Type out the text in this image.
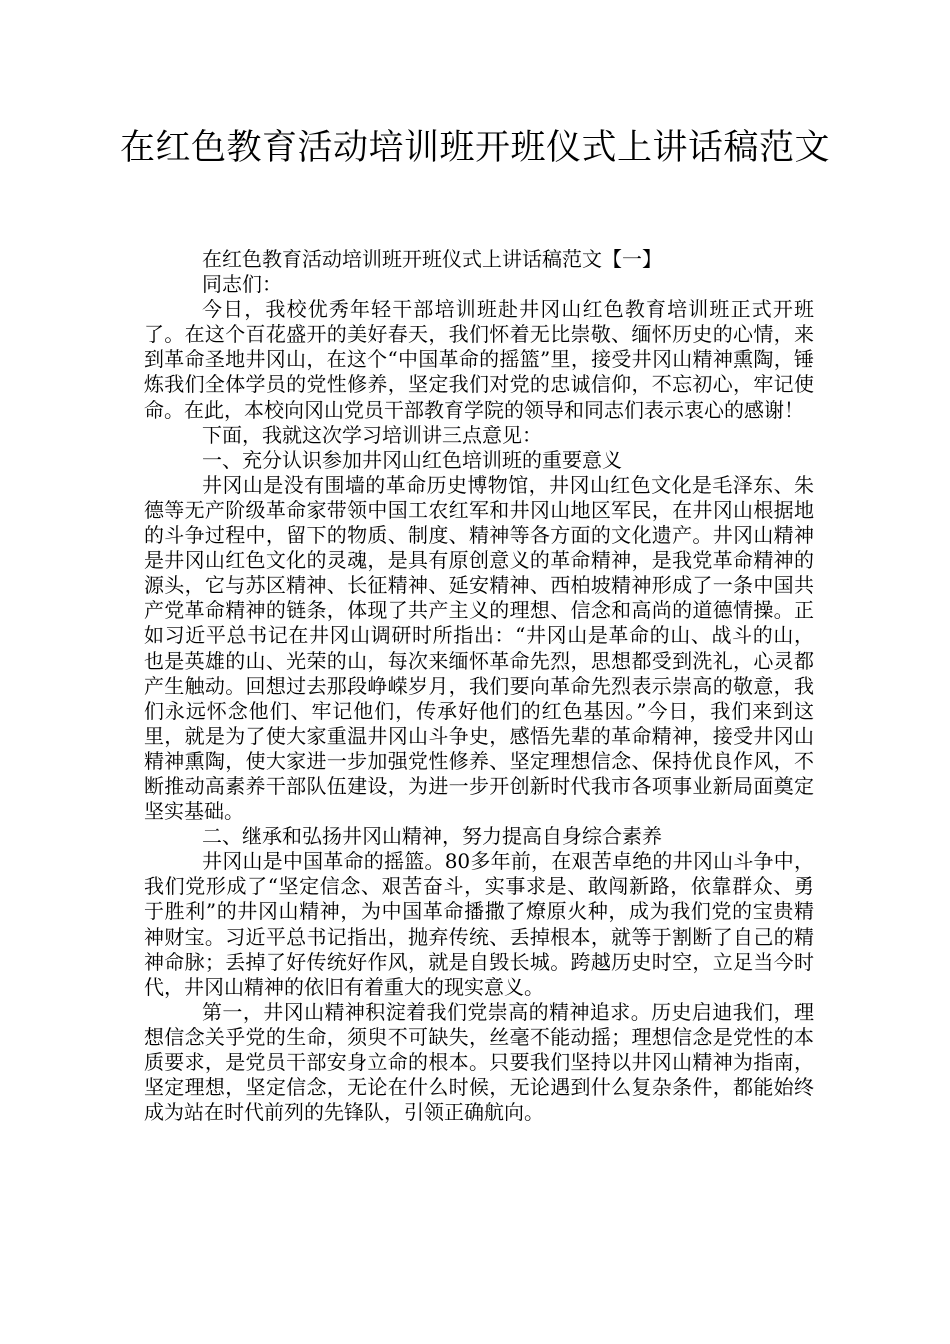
在红色教育活动培训班开班仪式上讲话稿范文

在红色教育活动培训班开班仪式上讲话稿范文【一】

同志们：

今日，我校优秀年轻干部培训班赴井冈山红色教育培训班正式开班了。在这个百花盛开的美好春天，我们怀着无比崇敬、缅怀历史的心情，来到革命圣地井冈山，在这个“中国革命的摇篮”里，接受井冈山精神熏陶，锤炼我们全体学员的党性修养，坚定我们对党的忠诚信仰，不忘初心，牢记使命。在此，本校向冈山党员干部教育学院的领导和同志们表示衷心的感谢！

下面，我就这次学习培训讲三点意见：

一、充分认识参加井冈山红色培训班的重要意义

井冈山是没有围墙的革命历史博物馆，井冈山红色文化是毛泽东、朱德等无产阶级革命家带领中国工农红军和井冈山地区军民，在井冈山根据地的斗争过程中，留下的物质、制度、精神等各方面的文化遗产。井冈山精神是井冈山红色文化的灵魂，是具有原创意义的革命精神，是我党革命精神的源头，它与苏区精神、长征精神、延安精神、西柏坡精神形成了一条中国共产党革命精神的链条，体现了共产主义的理想、信念和高尚的道德情操。正如习近平总书记在井冈山调研时所指出：“井冈山是革命的山、战斗的山，也是英雄的山、光荣的山，每次来缅怀革命先烈，思想都受到洗礼，心灵都产生触动。回想过去那段峥嵘岁月，我们要向革命先烈表示崇高的敬意，我们永远怀念他们、牢记他们，传承好他们的红色基因。”今日，我们来到这里，就是为了使大家重温井冈山斗争史，感悟先辈的革命精神，接受井冈山精神熏陶，使大家进一步加强党性修养、坚定理想信念、保持优良作风，不断推动高素养干部队伍建设，为进一步开创新时代我市各项事业新局面奠定坚实基础。

二、继承和弘扬井冈山精神，努力提高自身综合素养

井冈山是中国革命的摇篮。80多年前，在艰苦卓绝的井冈山斗争中，我们党形成了“坚定信念、艰苦奋斗，实事求是、敢闯新路，依靠群众、勇于胜利”的井冈山精神，为中国革命播撒了燎原火种，成为我们党的宝贵精神财宝。习近平总书记指出，抛弃传统、丢掉根本，就等于割断了自己的精神命脉；丢掉了好传统好作风，就是自毁长城。跨越历史时空，立足当今时代，井冈山精神的依旧有着重大的现实意义。

第一，井冈山精神积淀着我们党崇高的精神追求。历史启迪我们，理想信念关乎党的生命，须臾不可缺失，丝毫不能动摇；理想信念是党性的本质要求，是党员干部安身立命的根本。只要我们坚持以井冈山精神为指南，坚定理想，坚定信念，无论在什么时候，无论遇到什么复杂条件，都能始终成为站在时代前列的先锋队，引领正确航向。
